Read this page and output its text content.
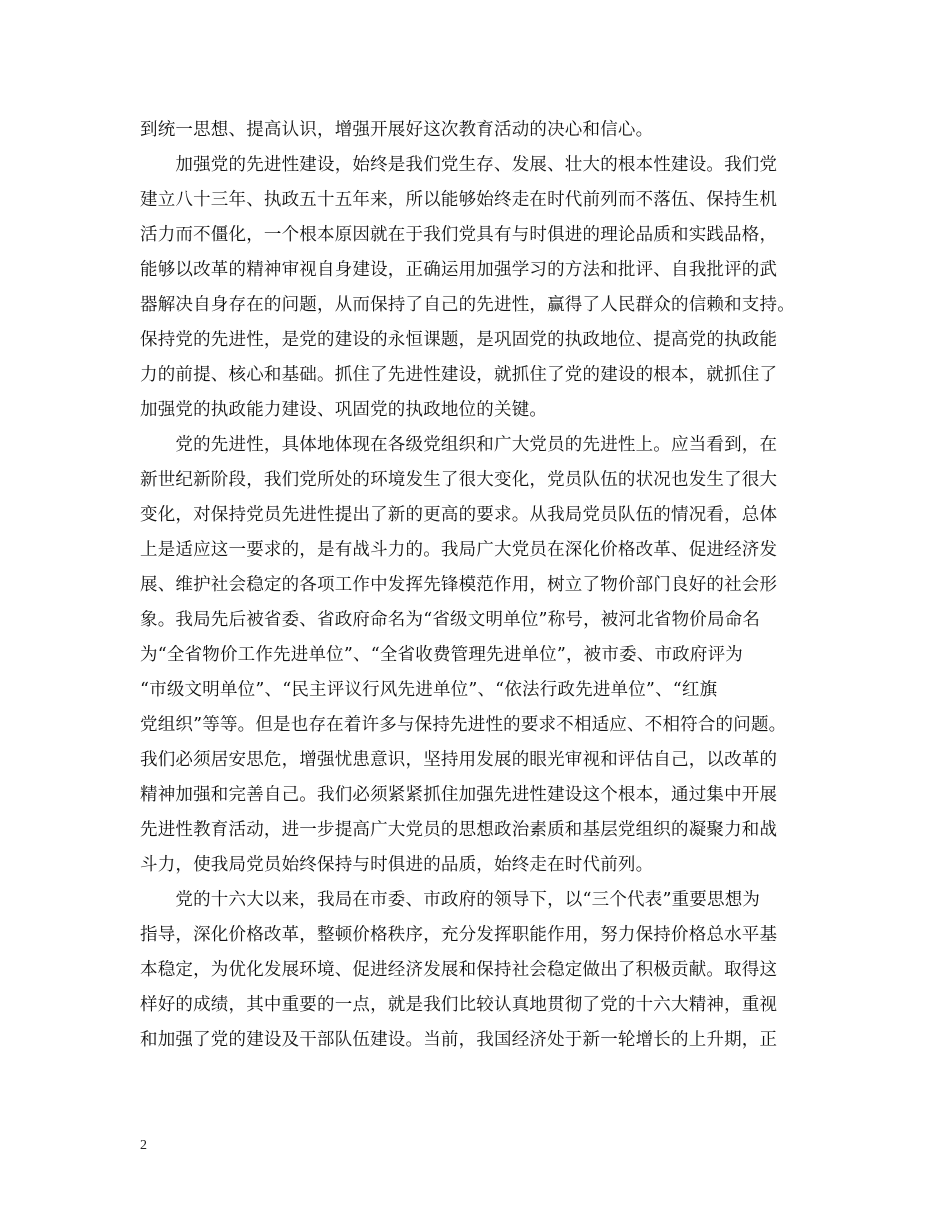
到统一思想、提高认识，增强开展好这次教育活动的决心和信心。
　　加强党的先进性建设，始终是我们党生存、发展、壮大的根本性建设。我们党
建立八十三年、执政五十五年来，所以能够始终走在时代前列而不落伍、保持生机
活力而不僵化，一个根本原因就在于我们党具有与时俱进的理论品质和实践品格，
能够以改革的精神审视自身建设，正确运用加强学习的方法和批评、自我批评的武
器解决自身存在的问题，从而保持了自己的先进性，赢得了人民群众的信赖和支持。
保持党的先进性，是党的建设的永恒课题，是巩固党的执政地位、提高党的执政能
力的前提、核心和基础。抓住了先进性建设，就抓住了党的建设的根本，就抓住了
加强党的执政能力建设、巩固党的执政地位的关键。
　　党的先进性，具体地体现在各级党组织和广大党员的先进性上。应当看到，在
新世纪新阶段，我们党所处的环境发生了很大变化，党员队伍的状况也发生了很大
变化，对保持党员先进性提出了新的更高的要求。从我局党员队伍的情况看，总体
上是适应这一要求的，是有战斗力的。我局广大党员在深化价格改革、促进经济发
展、维护社会稳定的各项工作中发挥先锋模范作用，树立了物价部门良好的社会形
象。我局先后被省委、省政府命名为“省级文明单位”称号，被河北省物价局命名
为“全省物价工作先进单位”、“全省收费管理先进单位”，被市委、市政府评为
“市级文明单位”、“民主评议行风先进单位”、“依法行政先进单位”、“红旗
党组织”等等。但是也存在着许多与保持先进性的要求不相适应、不相符合的问题。
我们必须居安思危，增强忧患意识，坚持用发展的眼光审视和评估自己，以改革的
精神加强和完善自己。我们必须紧紧抓住加强先进性建设这个根本，通过集中开展
先进性教育活动，进一步提高广大党员的思想政治素质和基层党组织的凝聚力和战
斗力，使我局党员始终保持与时俱进的品质，始终走在时代前列。
　　党的十六大以来，我局在市委、市政府的领导下，以“三个代表”重要思想为
指导，深化价格改革，整顿价格秩序，充分发挥职能作用，努力保持价格总水平基
本稳定，为优化发展环境、促进经济发展和保持社会稳定做出了积极贡献。取得这
样好的成绩，其中重要的一点，就是我们比较认真地贯彻了党的十六大精神，重视
和加强了党的建设及干部队伍建设。当前，我国经济处于新一轮增长的上升期，正
2
